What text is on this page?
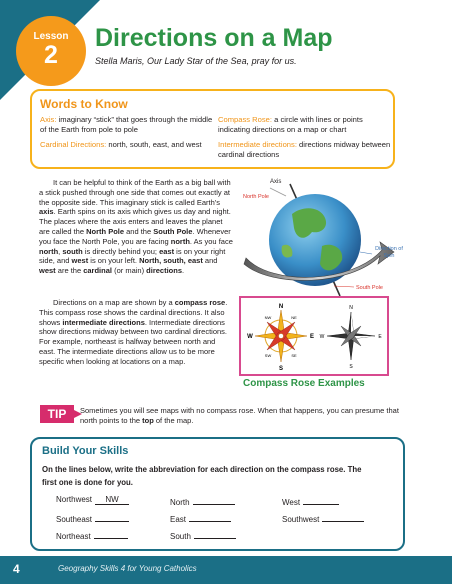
Lesson
2
Directions on a Map
Stella Maris, Our Lady Star of the Sea, pray for us.
Words to Know
Axis: imaginary “stick” that goes through the middle of the Earth from pole to pole
Cardinal Directions: north, south, east, and west
Compass Rose: a circle with lines or points indicating directions on a map or chart
Intermediate directions: directions midway between cardinal directions
It can be helpful to think of the Earth as a big ball with a stick pushed through one side that comes out exactly at the opposite side. This imaginary stick is called Earth’s axis. Earth spins on its axis which gives us day and night. The places where the axis enters and leaves the planet are called the North Pole and the South Pole. Whenever you face the North Pole, you are facing north. As you face north, south is directly behind you; east is on your right side, and west is on your left. North, south, east and west are the cardinal (or main) directions.
Directions on a map are shown by a compass rose. This compass rose shows the cardinal directions. It also shows intermediate directions. Intermediate directions show directions midway between two cardinal directions. For example, northeast is halfway between north and east. The intermediate directions allow us to be more specific when looking at locations on a map.
Axis
North Pole
Direction of Spin
South Pole
N
S
E
W
NE
NW
SE
SW
N
S
E
W
Compass Rose Examples
TIP	Sometimes you will see maps with no compass rose. When that happens, you can presume that north points to the top of the map.
Build Your Skills
On the lines below, write the abbreviation for each direction on the compass rose. The first one is done for you.
Northwest NW	North	West
Southeast	East	Southwest
Northeast	South
4	Geography Skills 4 for Young Catholics
